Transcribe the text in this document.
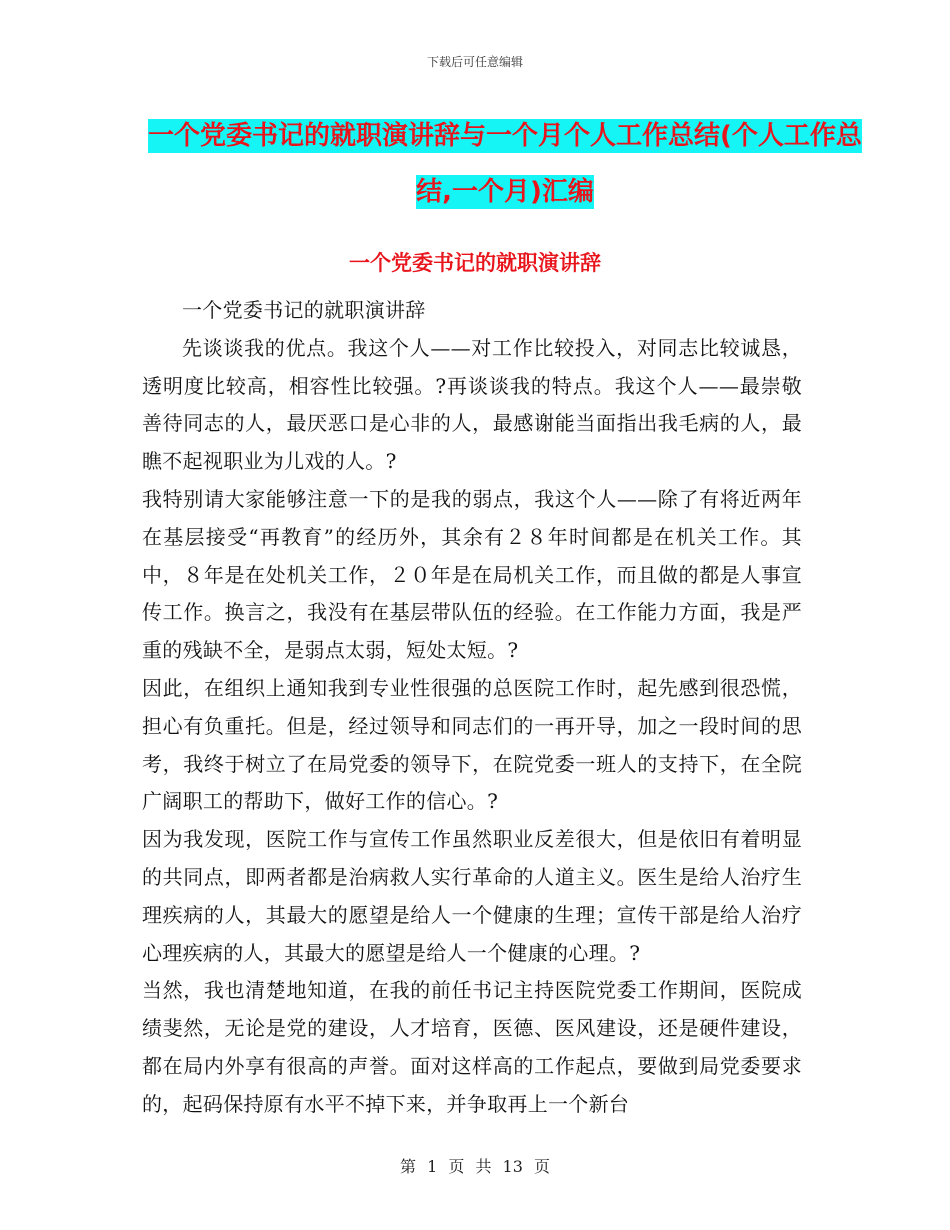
下载后可任意编辑
一个党委书记的就职演讲辞与一个月个人工作总结(个人工作总结,一个月)汇编
一个党委书记的就职演讲辞

一个党委书记的就职演讲辞

先谈谈我的优点。我这个人——对工作比较投入，对同志比较诚恳，透明度比较高，相容性比较强。?再谈谈我的特点。我这个人——最崇敬善待同志的人，最厌恶口是心非的人，最感谢能当面指出我毛病的人，最瞧不起视职业为儿戏的人。?

我特别请大家能够注意一下的是我的弱点，我这个人——除了有将近两年在基层接受“再教育”的经历外，其余有２８年时间都是在机关工作。其中，８年是在处机关工作，２０年是在局机关工作，而且做的都是人事宣传工作。换言之，我没有在基层带队伍的经验。在工作能力方面，我是严重的残缺不全，是弱点太弱，短处太短。?

因此，在组织上通知我到专业性很强的总医院工作时，起先感到很恐慌，担心有负重托。但是，经过领导和同志们的一再开导，加之一段时间的思考，我终于树立了在局党委的领导下，在院党委一班人的支持下，在全院广阔职工的帮助下，做好工作的信心。?

因为我发现，医院工作与宣传工作虽然职业反差很大，但是依旧有着明显的共同点，即两者都是治病救人实行革命的人道主义。医生是给人治疗生理疾病的人，其最大的愿望是给人一个健康的生理；宣传干部是给人治疗心理疾病的人，其最大的愿望是给人一个健康的心理。?

当然，我也清楚地知道，在我的前任书记主持医院党委工作期间，医院成绩斐然，无论是党的建设，人才培育，医德、医风建设，还是硬件建设，都在局内外享有很高的声誉。面对这样高的工作起点，要做到局党委要求的，起码保持原有水平不掉下来，并争取再上一个新台

第 1 页 共 13 页
